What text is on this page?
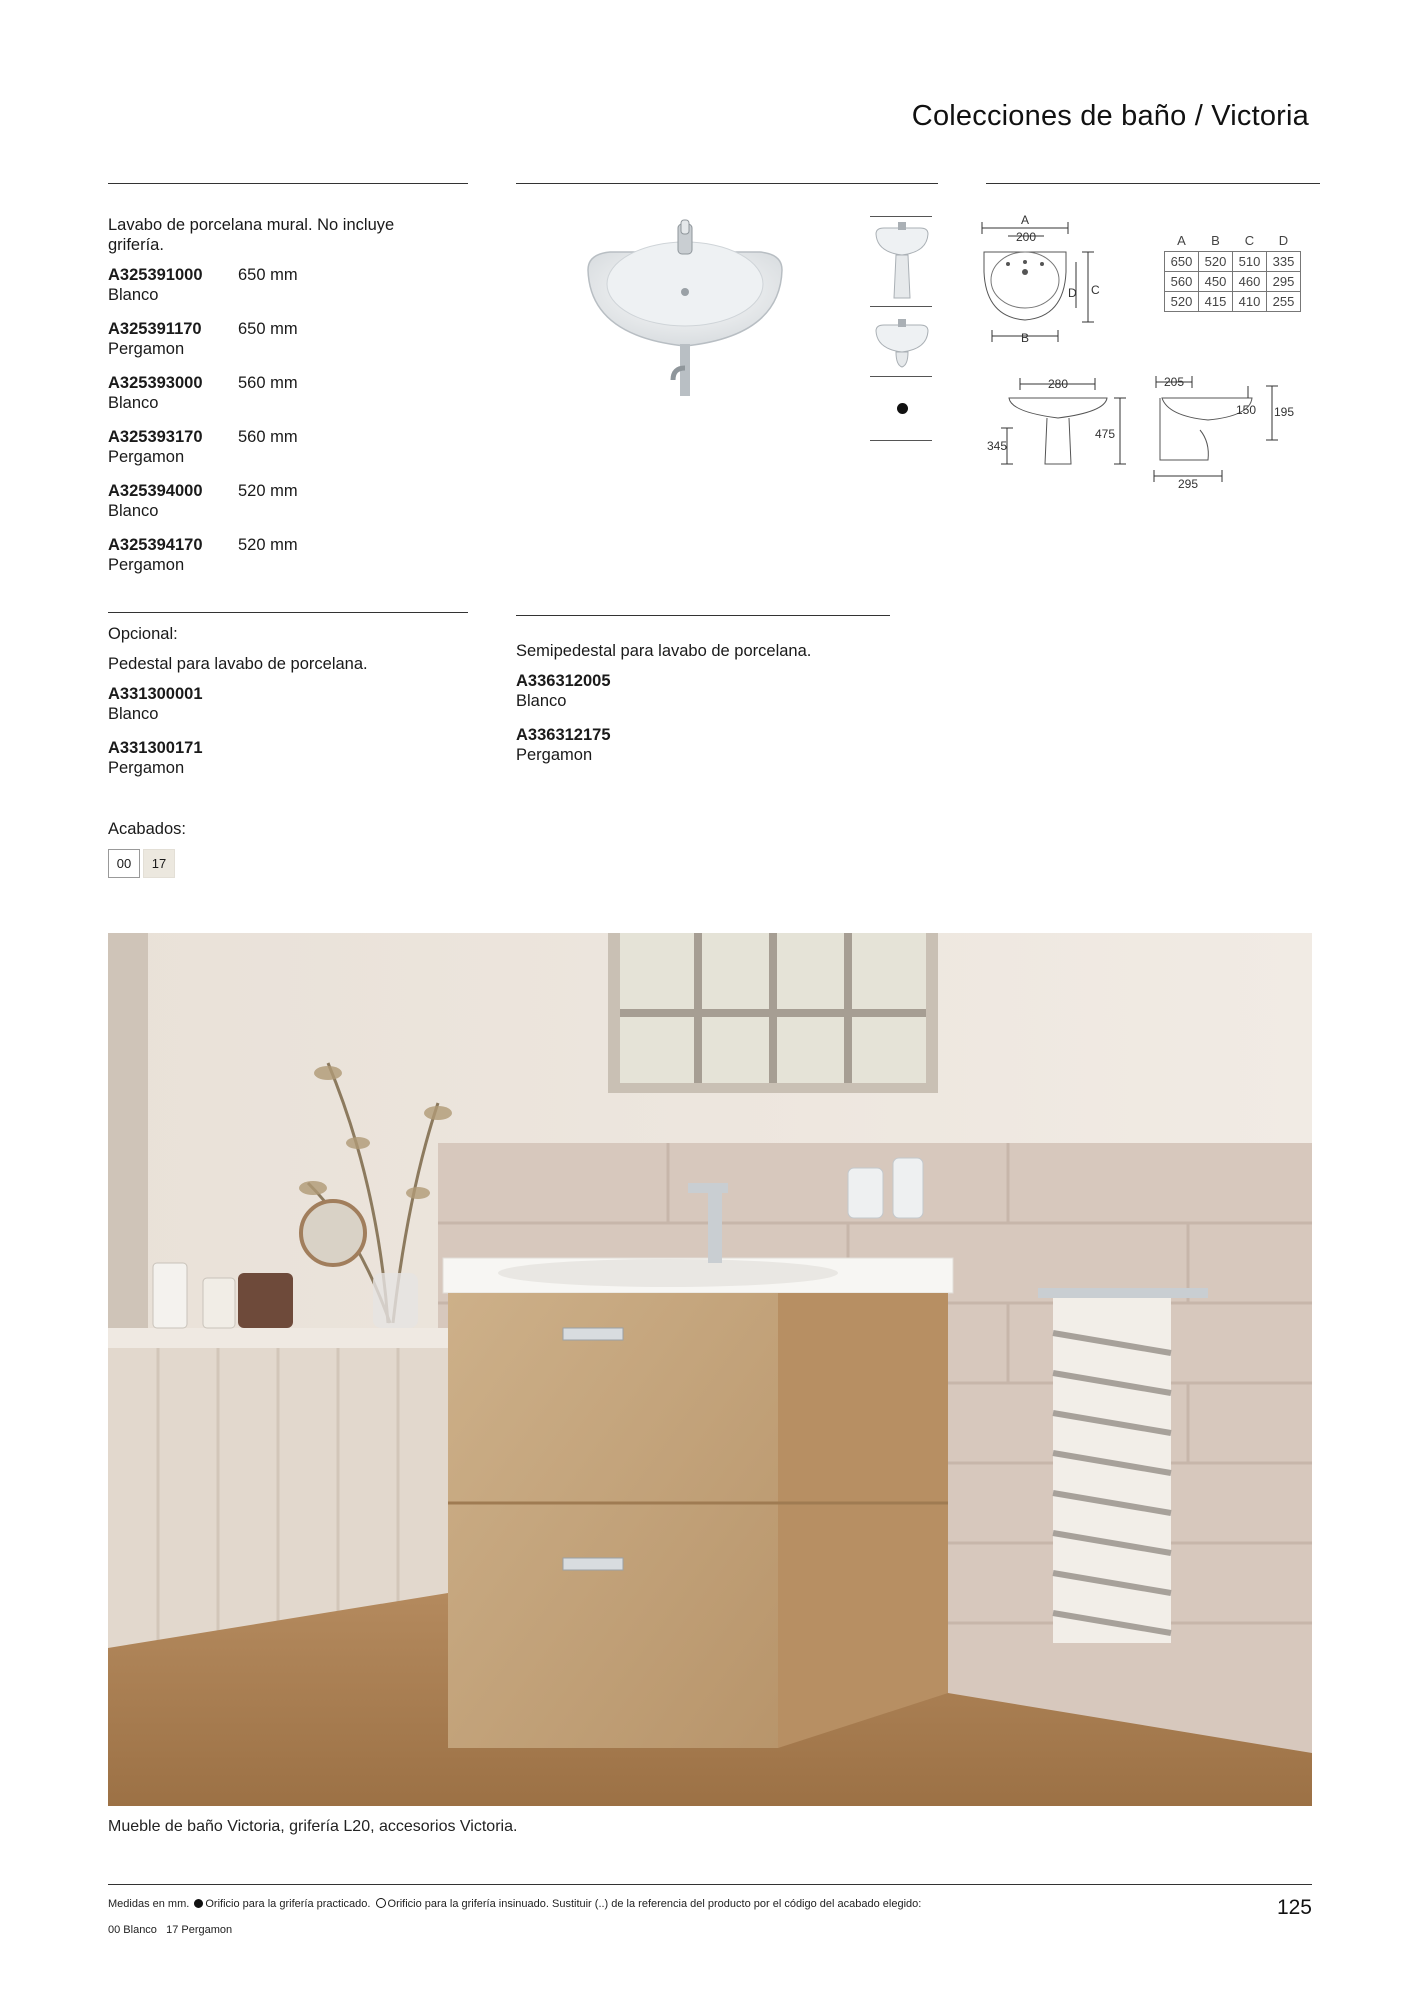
Colecciones de baño / Victoria

Lavabo de porcelana mural. No incluye grifería.

A325391000	650 mm
Blanco
A325391170	650 mm
Pergamon
A325393000	560 mm
Blanco
A325393170	560 mm
Pergamon
A325394000	520 mm
Blanco
A325394170	520 mm
Pergamon
Opcional:

Pedestal para lavabo de porcelana.

A331300001
Blanco
A331300171
Pergamon

Semipedestal para lavabo de porcelana.

A336312005
Blanco
A336312175
Pergamon
Acabados:
00 17
A
200
C
D
B
A	B	C	D
650	520	510	335
560	450	460	295
520	415	410	255
280
345
475
205
150 195
295
Mueble de baño Victoria, grifería L20, accesorios Victoria.
Medidas en mm. Orificio para la grifería practicado. Orificio para la grifería insinuado. Sustituir (..) de la referencia del producto por el código del acabado elegido:
00 Blanco   17 Pergamon
125
